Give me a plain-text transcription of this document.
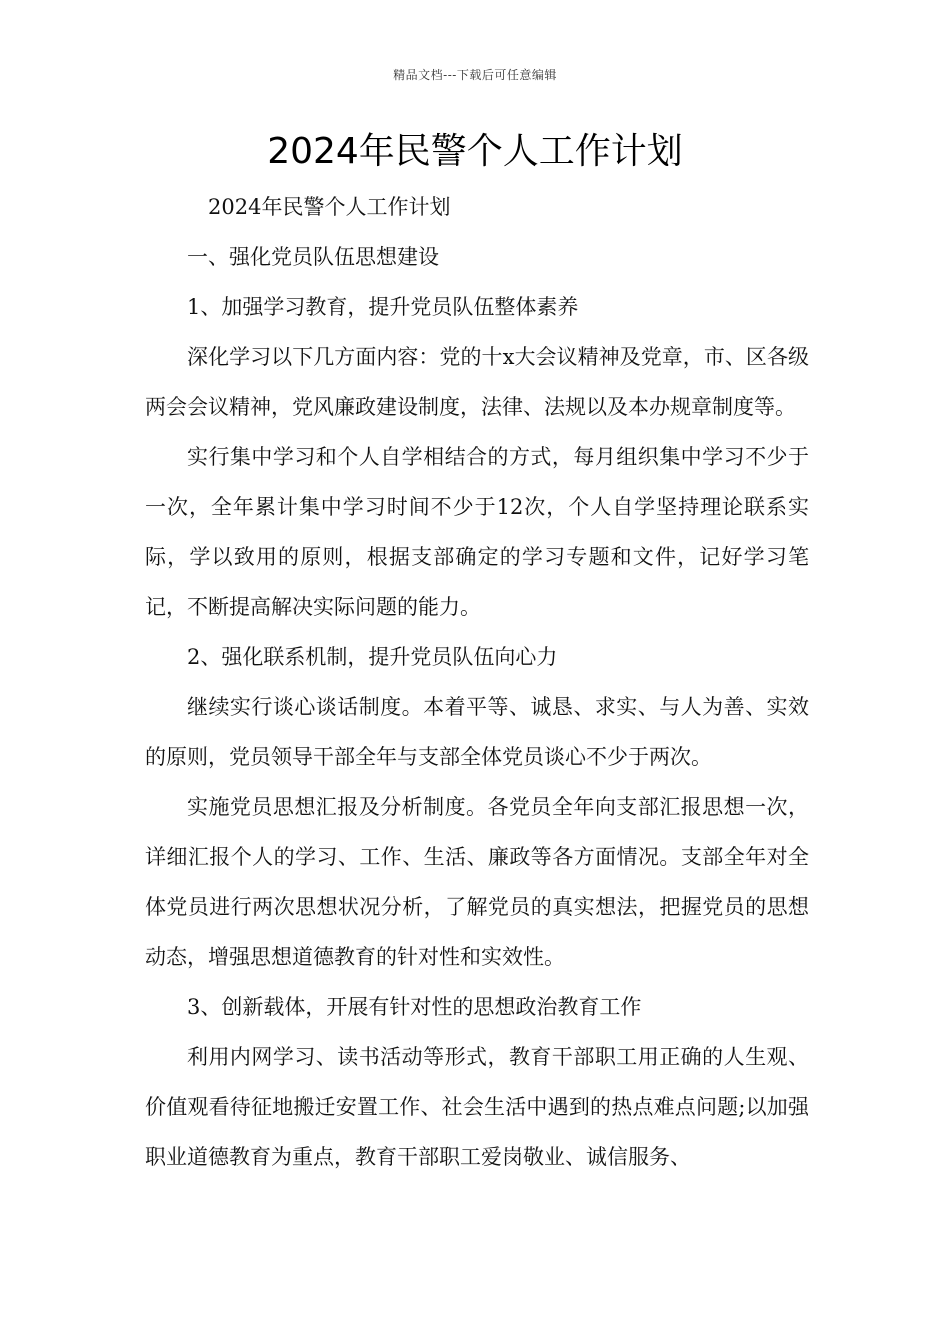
精品文档---下载后可任意编辑
2024年民警个人工作计划

2024年民警个人工作计划

一、强化党员队伍思想建设

1、加强学习教育，提升党员队伍整体素养

深化学习以下几方面内容：党的十x大会议精神及党章，市、区各级两会会议精神，党风廉政建设制度，法律、法规以及本办规章制度等。

实行集中学习和个人自学相结合的方式，每月组织集中学习不少于一次，全年累计集中学习时间不少于12次，个人自学坚持理论联系实际，学以致用的原则，根据支部确定的学习专题和文件，记好学习笔记，不断提高解决实际问题的能力。

2、强化联系机制，提升党员队伍向心力

继续实行谈心谈话制度。本着平等、诚恳、求实、与人为善、实效的原则，党员领导干部全年与支部全体党员谈心不少于两次。

实施党员思想汇报及分析制度。各党员全年向支部汇报思想一次，详细汇报个人的学习、工作、生活、廉政等各方面情况。支部全年对全体党员进行两次思想状况分析，了解党员的真实想法，把握党员的思想动态，增强思想道德教育的针对性和实效性。

3、创新载体，开展有针对性的思想政治教育工作

利用内网学习、读书活动等形式，教育干部职工用正确的人生观、价值观看待征地搬迁安置工作、社会生活中遇到的热点难点问题;以加强职业道德教育为重点，教育干部职工爱岗敬业、诚信服务、
